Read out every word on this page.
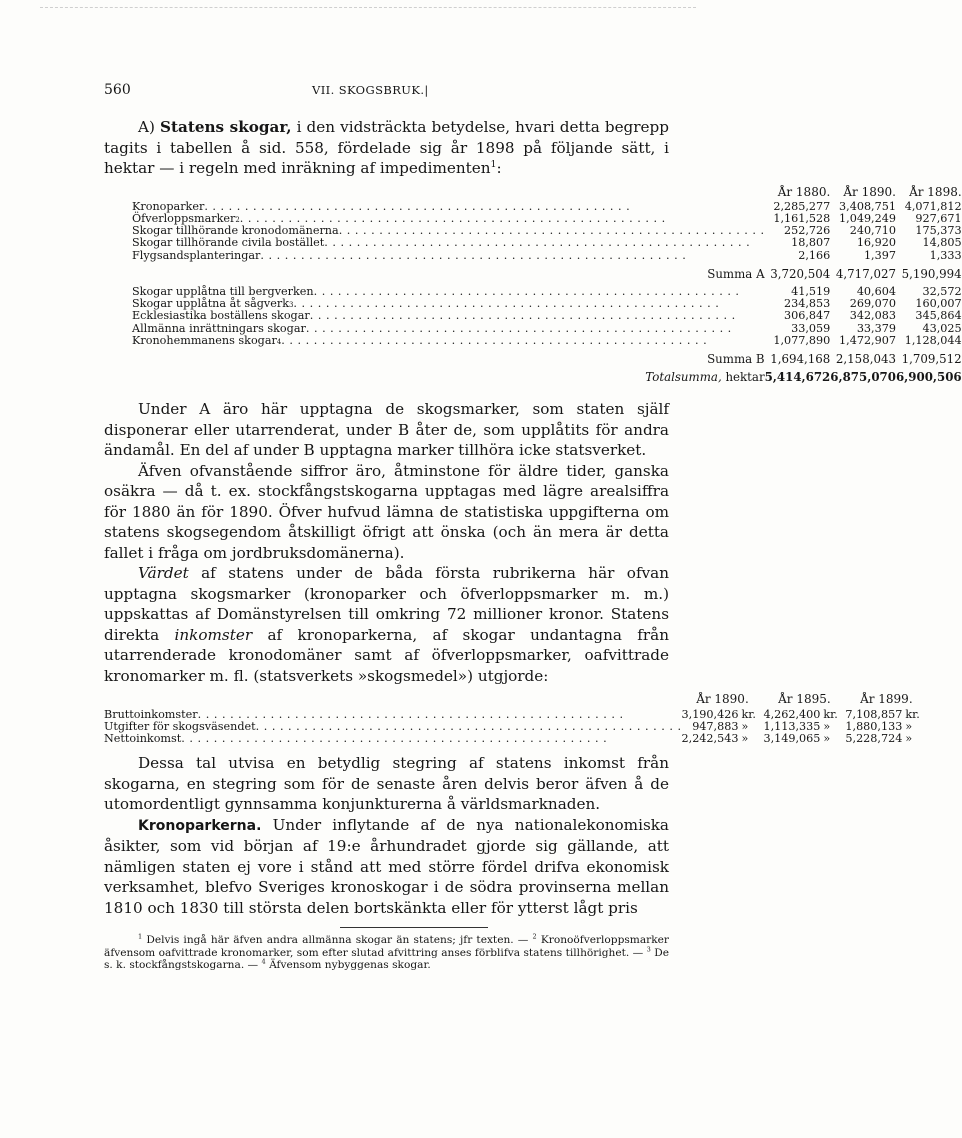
560	VII. SKOGSBRUK.|

A) Statens skogar, i den vidsträckta betydelse, hvari detta begrepp tagits i tabellen å sid. 558, fördelade sig år 1898 på följande sätt, i hektar — i regeln med inräkning af impedimenten$^1$:

	År 1880.	År 1890.	År 1898.

Kronoparker
. . .	2,285,277	3,408,751	4,071,812

Öfverloppsmarker 2
. . .	1,161,528	1,049,249	927,671

Skogar tillhörande kronodomänerna
. . .	252,726	240,710	175,373

Skogar tillhörande civila bostället
. . .	18,807	16,920	14,805

Flygsandsplanteringar
. . .	2,166	1,397	1,333
Summa A	3,720,504	4,717,027	5,190,994

Skogar upplåtna till bergverken
. . .	41,519	40,604	32,572

Skogar upplåtna åt sågverk 3
. . .	234,853	269,070	160,007

Ecklesiastika boställens skogar
. . .	306,847	342,083	345,864

Allmänna inrättningars skogar
. . .	33,059	33,379	43,025

Kronohemmanens skogar 4
. . .	1,077,890	1,472,907	1,128,044
Summa B	1,694,168	2,158,043	1,709,512
Totalsumma, hektar	5,414,672	6,875,070	6,900,506

Under A äro här upptagna de skogsmarker, som staten själf disponerar eller utarrenderat, under B åter de, som upplåtits för andra ändamål. En del af under B upptagna marker tillhöra icke statsverket.

Äfven ofvanstående siffror äro, åtminstone för äldre tider, ganska osäkra — då t. ex. stockfångstskogarna upptagas med lägre arealsiffra för 1880 än för 1890. Öfver hufvud lämna de statistiska uppgifterna om statens skogsegendom åtskilligt öfrigt att önska (och än mera är detta fallet i fråga om jordbruksdomänerna).

Värdet af statens under de båda första rubrikerna här ofvan upptagna skogsmarker (kronoparker och öfverloppsmarker m. m.) uppskattas af Domänstyrelsen till omkring 72 millioner kronor. Statens direkta inkomster af kronoparkerna, af skogar undantagna från utarrenderade kronodomäner samt af öfverloppsmarker, oafvittrade kronomarker m. fl. (statsverkets »skogsmedel») utgjorde:

	År 1890.	År 1895.	År 1899.

Bruttoinkomster
. . .	3,190,426 kr.	4,262,400 kr.	7,108,857 kr.

Utgifter för skogsväsendet
. . .	947,883 »	1,113,335 »	1,880,133 »

Nettoinkomst
. . .	2,242,543 »	3,149,065 »	5,228,724 »

Dessa tal utvisa en betydlig stegring af statens inkomst från skogarna, en stegring som för de senaste åren delvis beror äfven å de utomordentligt gynnsamma konjunkturerna å världsmarknaden.

Kronoparkerna. Under inflytande af de nya nationalekonomiska åsikter, som vid början af 19:e århundradet gjorde sig gällande, att nämligen staten ej vore i stånd att med större fördel drifva ekonomisk verksamhet, blefvo Sveriges kronoskogar i de södra provinserna mellan 1810 och 1830 till största delen bortskänkta eller för ytterst lågt pris

$^1$ Delvis ingå här äfven andra allmänna skogar än statens; jfr texten. — $^2$ Kronoöfverloppsmarker äfvensom oafvittrade kronomarker, som efter slutad afvittring anses förblifva statens tillhörighet. — $^3$ De s. k. stockfångstskogarna. — $^4$ Äfvensom nybyggenas skogar.
